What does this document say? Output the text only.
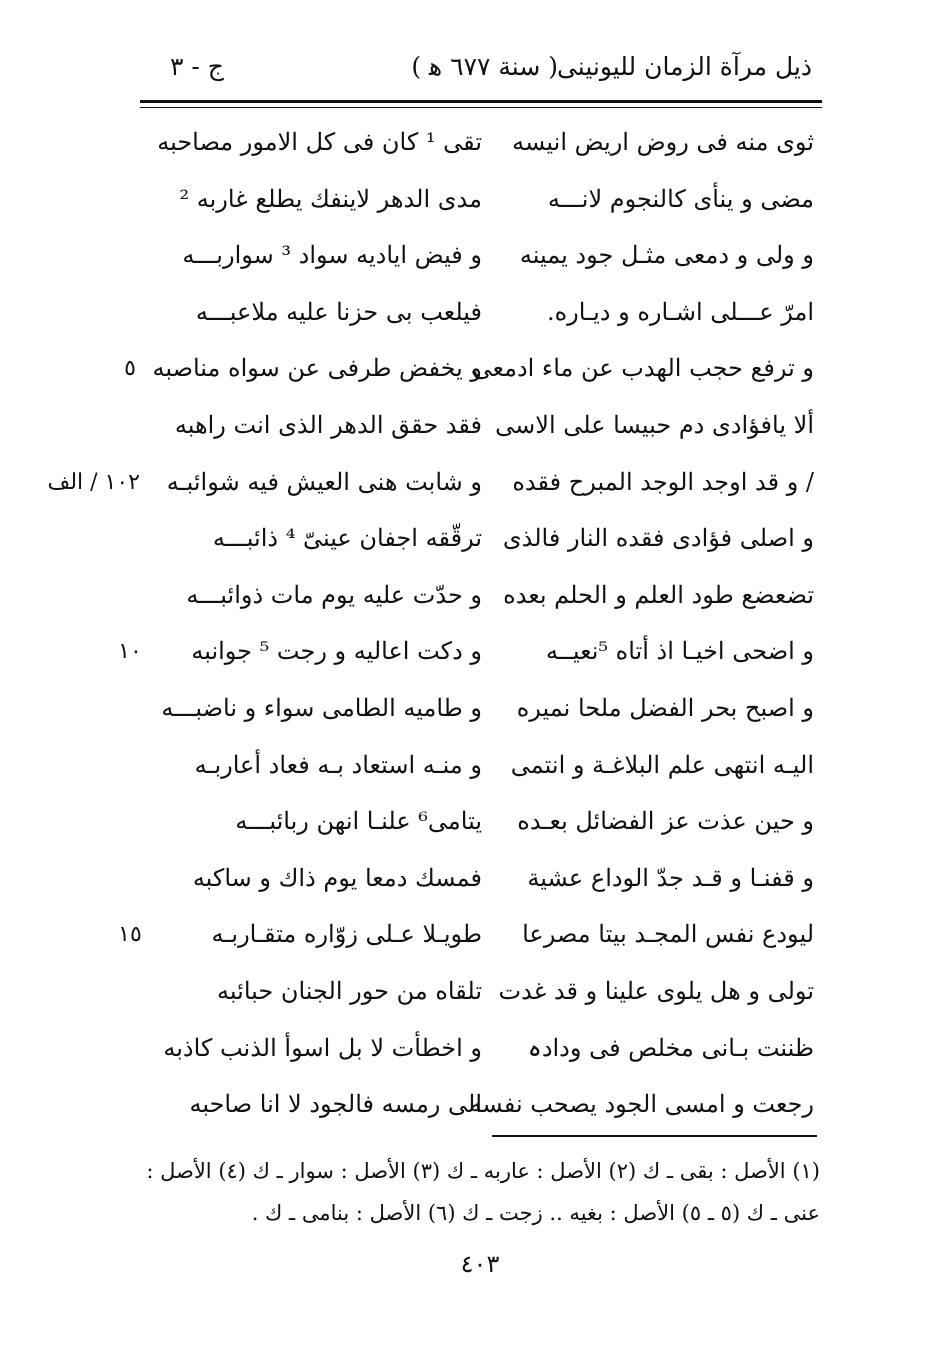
ذيل مرآة الزمان لليونينى
( سنة ٦٧٧ ﻫ )
ج - ٣
ثوى منه فى روض اريض انيسه
تقى ¹ كان فى كل الامور مصاحبه
مضى و ينأى كالنجوم لانـــه
مدى الدهر لاينفك يطلع غاربه ²
و ولى و دمعى مثـل جود يمينه
و فيض اياديه سواد ³ سواربـــه
امرّ عـــلى اشـاره و ديـاره.
فيلعب بى حزنا عليه ملاعبـــه
و ترفع حجب الهدب عن ماء ادمعى
و يخفض طرفى عن سواه مناصبه
٥
ألا يافؤادى دم حبيسا على الاسى
فقد حقق الدهر الذى انت راهبه
/ و قد اوجد الوجد المبرح فقده
و شابت هنى العيش فيه شوائبـه
١٠٢ / الف
و اصلى فؤادى فقده النار فالذى
ترقّقه اجفان عينىّ ⁴ ذائبـــه
تضعضع طود العلم و الحلم بعده
و حدّت عليه يوم مات ذوائبـــه
و اضحى اخيـا اذ أتاه ⁵نعيــه
و دكت اعاليه و رجت ⁵ جوانبه
١٠
و اصبح بحر الفضل ملحا نميره
و طاميه الطامى سواء و ناضبـــه
اليـه انتهى علم البلاغـة و انتمى
و منـه استعاد بـه فعاد أعاربـه
و حين عذت عز الفضائل بعـده
يتامى⁶ علنـا انهن ربائبـــه
و قفنـا و قـد جدّ الوداع عشية
فمسك دمعا يوم ذاك و ساكبه
ليودع نفس المجـد بيتا مصرعا
طويـلا عـلى زوّاره متقـاربـه
١٥
تولى و هل يلوى علينا و قد غدت
تلقاه من حور الجنان حبائبه
ظننت بـانى مخلص فى ودادہ
و اخطأت لا بل اسوأ الذنب كاذبه
رجعت و امسى الجود يصحب نفسه
الى رمسه فالجود لا انا صاحبه
(١) الأصل : بقى ـ ك (٢) الأصل : عاربه ـ ك (٣) الأصل : سوار ـ ك (٤) الأصل :
عنى ـ ك (٥ ـ ٥) الأصل : بغيه .. زجت ـ ك (٦) الأصل : بنامى ـ ك .
٤٠٣
